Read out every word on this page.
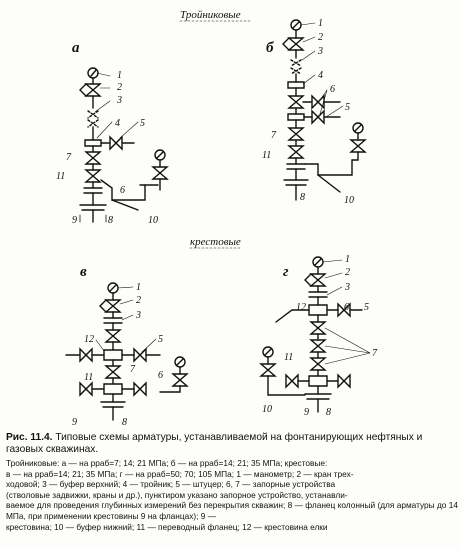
Тройниковые
крестовые
а
1
2
3
4 5
6
7
8
9	10
11
б
1
2
3
4
5
6
7
8	10
11
в
1
2
3
12	5
6
7
8
9
11
г
1
2
3
12	6 5
7
11
10	9 8
Рис. 11.4. Типовые схемы арматуры, устанавливаемой на фонтанирующих нефтяных и газовых скважинах.

Тройниковые: а — на pраб=7; 14; 21 МПа; б — на pраб=14; 21; 35 МПа; крестовые:

в — на pраб=14; 21; 35 МПа; г — на pраб=50; 70; 105 МПа; 1 — манометр; 2 — кран трех-

ходовой; 3 — буфер верхний; 4 — тройник; 5 — штуцер; 6, 7 — запорные устройства

(стволовые задвижки, краны и др.), пунктиром указано запорное устройство, устанавли-

ваемое для проведения глубинных измерений без перекрытия скважин; 8 — фланец колонный (для арматуры до 14 МПа, при применении крестовины 9 на фланцах); 9 —

крестовина; 10 — буфер нижний; 11 — переводный фланец; 12 — крестовина елки
